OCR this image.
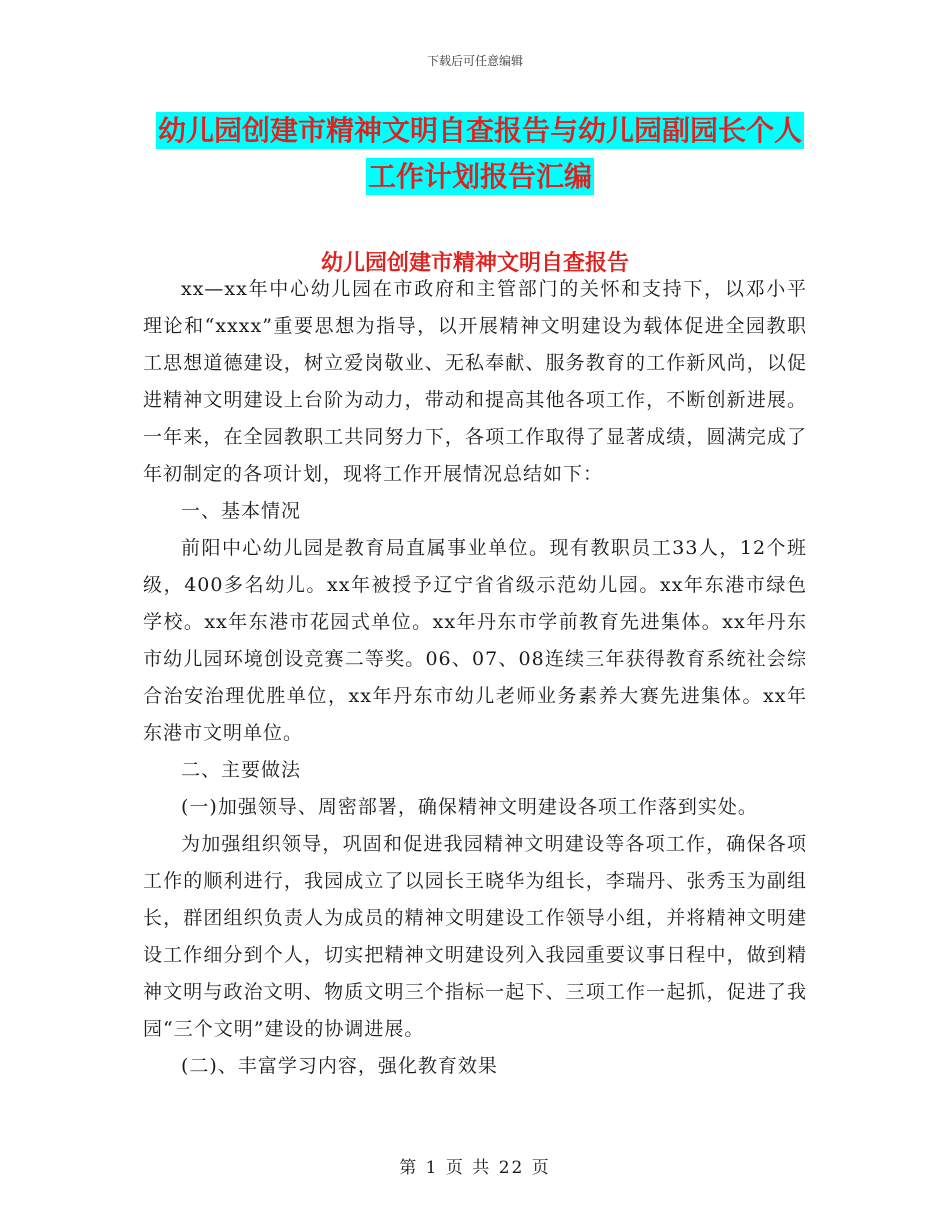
下载后可任意编辑
幼儿园创建市精神文明自查报告与幼儿园副园长个人
工作计划报告汇编
幼儿园创建市精神文明自查报告

xx—xx年中心幼儿园在市政府和主管部门的关怀和支持下，以邓小平理论和“xxxx”重要思想为指导，以开展精神文明建设为载体促进全园教职工思想道德建设，树立爱岗敬业、无私奉献、服务教育的工作新风尚，以促进精神文明建设上台阶为动力，带动和提高其他各项工作，不断创新进展。一年来，在全园教职工共同努力下，各项工作取得了显著成绩，圆满完成了年初制定的各项计划，现将工作开展情况总结如下：

一、基本情况

前阳中心幼儿园是教育局直属事业单位。现有教职员工33人，12个班级，400多名幼儿。xx年被授予辽宁省省级示范幼儿园。xx年东港市绿色学校。xx年东港市花园式单位。xx年丹东市学前教育先进集体。xx年丹东市幼儿园环境创设竞赛二等奖。06、07、08连续三年获得教育系统社会综合治安治理优胜单位，xx年丹东市幼儿老师业务素养大赛先进集体。xx年东港市文明单位。

二、主要做法

(一)加强领导、周密部署，确保精神文明建设各项工作落到实处。

为加强组织领导，巩固和促进我园精神文明建设等各项工作，确保各项工作的顺利进行，我园成立了以园长王晓华为组长，李瑞丹、张秀玉为副组长，群团组织负责人为成员的精神文明建设工作领导小组，并将精神文明建设工作细分到个人，切实把精神文明建设列入我园重要议事日程中，做到精神文明与政治文明、物质文明三个指标一起下、三项工作一起抓，促进了我园“三个文明”建设的协调进展。

(二)、丰富学习内容，强化教育效果

第 1 页 共 22 页
